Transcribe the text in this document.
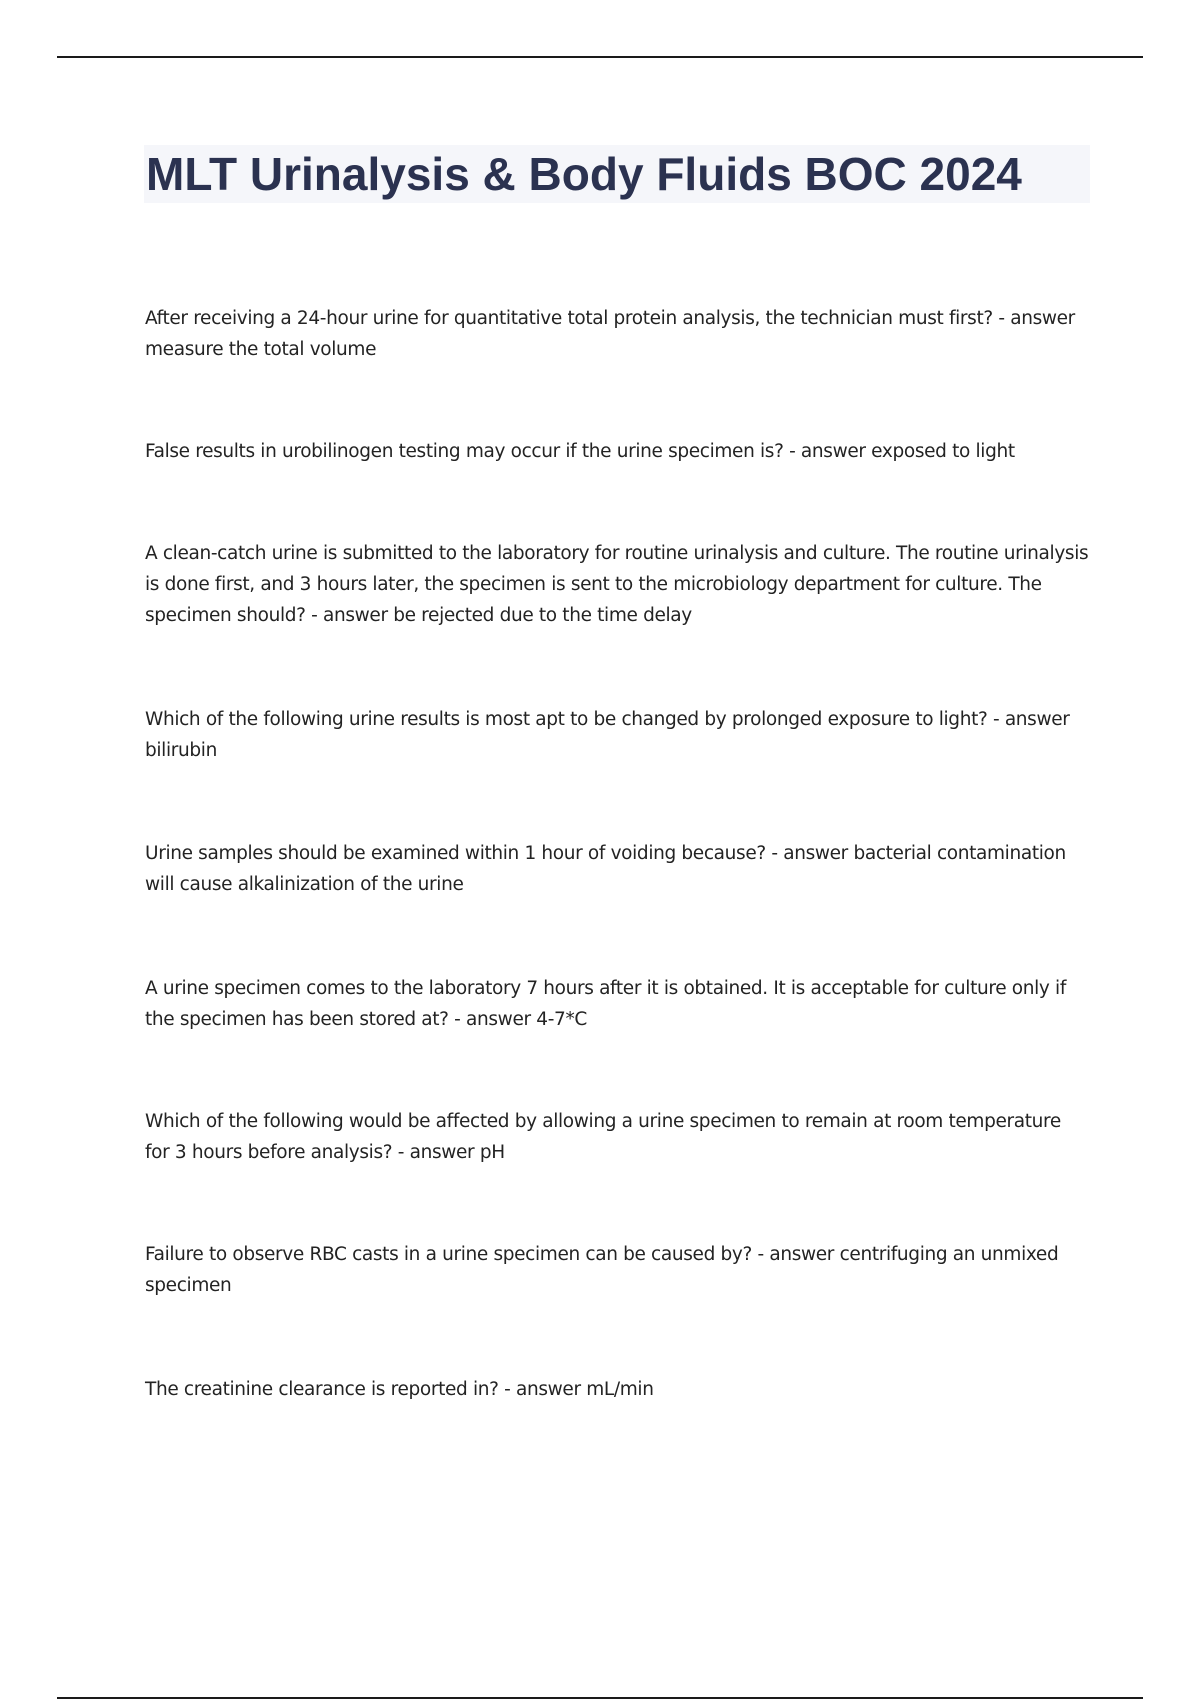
MLT Urinalysis & Body Fluids BOC 2024

After receiving a 24-hour urine for quantitative total protein analysis, the technician must first? - answer measure the total volume

False results in urobilinogen testing may occur if the urine specimen is? - answer exposed to light

A clean-catch urine is submitted to the laboratory for routine urinalysis and culture. The routine urinalysis is done first, and 3 hours later, the specimen is sent to the microbiology department for culture. The specimen should? - answer be rejected due to the time delay

Which of the following urine results is most apt to be changed by prolonged exposure to light? - answer bilirubin

Urine samples should be examined within 1 hour of voiding because? - answer bacterial contamination will cause alkalinization of the urine

A urine specimen comes to the laboratory 7 hours after it is obtained. It is acceptable for culture only if the specimen has been stored at? - answer 4-7*C

Which of the following would be affected by allowing a urine specimen to remain at room temperature for 3 hours before analysis? - answer pH

Failure to observe RBC casts in a urine specimen can be caused by? - answer centrifuging an unmixed specimen

The creatinine clearance is reported in? - answer mL/min
